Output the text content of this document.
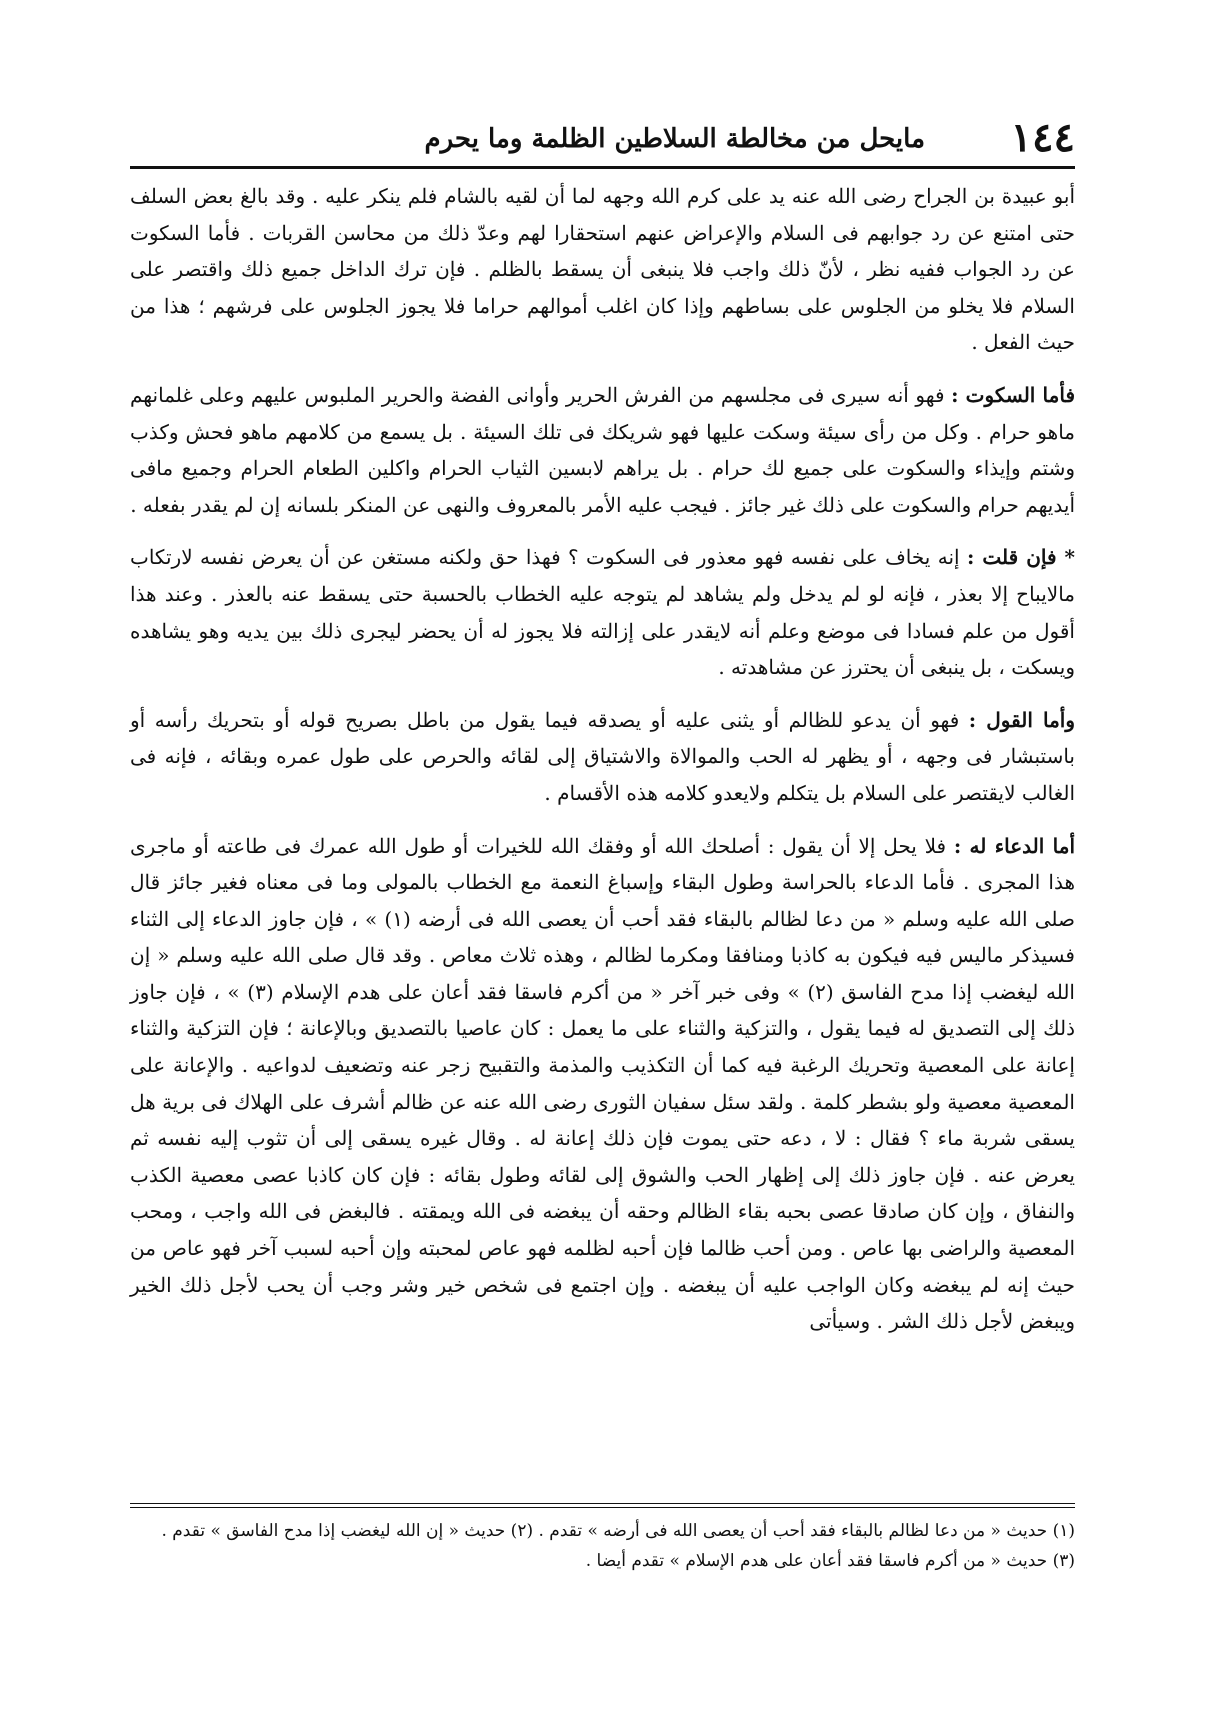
١٤٤
مايحل من مخالطة السلاطين الظلمة وما يحرم

أبو عبيدة بن الجراح رضى الله عنه يد على كرم الله وجهه لما أن لقيه بالشام فلم ينكر عليه . وقد بالغ بعض السلف حتى امتنع عن رد جوابهم فى السلام والإعراض عنهم استحقارا لهم وعدّ ذلك من محاسن القربات . فأما السكوت عن رد الجواب ففيه نظر ، لأنّ ذلك واجب فلا ينبغى أن يسقط بالظلم . فإن ترك الداخل جميع ذلك واقتصر على السلام فلا يخلو من الجلوس على بساطهم وإذا كان اغلب أموالهم حراما فلا يجوز الجلوس على فرشهم ؛ هذا من حيث الفعل .

فأما السكوت : فهو أنه سيرى فى مجلسهم من الفرش الحرير وأوانى الفضة والحرير الملبوس عليهم وعلى غلمانهم ماهو حرام . وكل من رأى سيئة وسكت عليها فهو شريكك فى تلك السيئة . بل يسمع من كلامهم ماهو فحش وكذب وشتم وإيذاء والسكوت على جميع لك حرام . بل يراهم لابسين الثياب الحرام واكلين الطعام الحرام وجميع مافى أيديهم حرام والسكوت على ذلك غير جائز . فيجب عليه الأمر بالمعروف والنهى عن المنكر بلسانه إن لم يقدر بفعله .

* فإن قلت : إنه يخاف على نفسه فهو معذور فى السكوت ؟ فهذا حق ولكنه مستغن عن أن يعرض نفسه لارتكاب مالايباح إلا بعذر ، فإنه لو لم يدخل ولم يشاهد لم يتوجه عليه الخطاب بالحسبة حتى يسقط عنه بالعذر . وعند هذا أقول من علم فسادا فى موضع وعلم أنه لايقدر على إزالته فلا يجوز له أن يحضر ليجرى ذلك بين يديه وهو يشاهده ويسكت ، بل ينبغى أن يحترز عن مشاهدته .

وأما القول : فهو أن يدعو للظالم أو يثنى عليه أو يصدقه فيما يقول من باطل بصريح قوله أو بتحريك رأسه أو باستبشار فى وجهه ، أو يظهر له الحب والموالاة والاشتياق إلى لقائه والحرص على طول عمره وبقائه ، فإنه فى الغالب لايقتصر على السلام بل يتكلم ولايعدو كلامه هذه الأقسام .

أما الدعاء له : فلا يحل إلا أن يقول : أصلحك الله أو وفقك الله للخيرات أو طول الله عمرك فى طاعته أو ماجرى هذا المجرى . فأما الدعاء بالحراسة وطول البقاء وإسباغ النعمة مع الخطاب بالمولى وما فى معناه فغير جائز قال صلى الله عليه وسلم « من دعا لظالم بالبقاء فقد أحب أن يعصى الله فى أرضه (١) » ، فإن جاوز الدعاء إلى الثناء فسيذكر ماليس فيه فيكون به كاذبا ومنافقا ومكرما لظالم ، وهذه ثلاث معاص . وقد قال صلى الله عليه وسلم « إن الله ليغضب إذا مدح الفاسق (٢) » وفى خبر آخر « من أكرم فاسقا فقد أعان على هدم الإسلام (٣) » ، فإن جاوز ذلك إلى التصديق له فيما يقول ، والتزكية والثناء على ما يعمل : كان عاصيا بالتصديق وبالإعانة ؛ فإن التزكية والثناء إعانة على المعصية وتحريك الرغبة فيه كما أن التكذيب والمذمة والتقبيح زجر عنه وتضعيف لدواعيه . والإعانة على المعصية معصية ولو بشطر كلمة . ولقد سئل سفيان الثورى رضى الله عنه عن ظالم أشرف على الهلاك فى برية هل يسقى شربة ماء ؟ فقال : لا ، دعه حتى يموت فإن ذلك إعانة له . وقال غيره يسقى إلى أن تثوب إليه نفسه ثم يعرض عنه . فإن جاوز ذلك إلى إظهار الحب والشوق إلى لقائه وطول بقائه : فإن كان كاذبا عصى معصية الكذب والنفاق ، وإن كان صادقا عصى بحبه بقاء الظالم وحقه أن يبغضه فى الله ويمقته . فالبغض فى الله واجب ، ومحب المعصية والراضى بها عاص . ومن أحب ظالما فإن أحبه لظلمه فهو عاص لمحبته وإن أحبه لسبب آخر فهو عاص من حيث إنه لم يبغضه وكان الواجب عليه أن يبغضه . وإن اجتمع فى شخص خير وشر وجب أن يحب لأجل ذلك الخير ويبغض لأجل ذلك الشر . وسيأتى

(١) حديث « من دعا لظالم بالبقاء فقد أحب أن يعصى الله فى أرضه » تقدم . (٢) حديث « إن الله ليغضب إذا مدح الفاسق » تقدم .

(٣) حديث « من أكرم فاسقا فقد أعان على هدم الإسلام » تقدم أيضا .
